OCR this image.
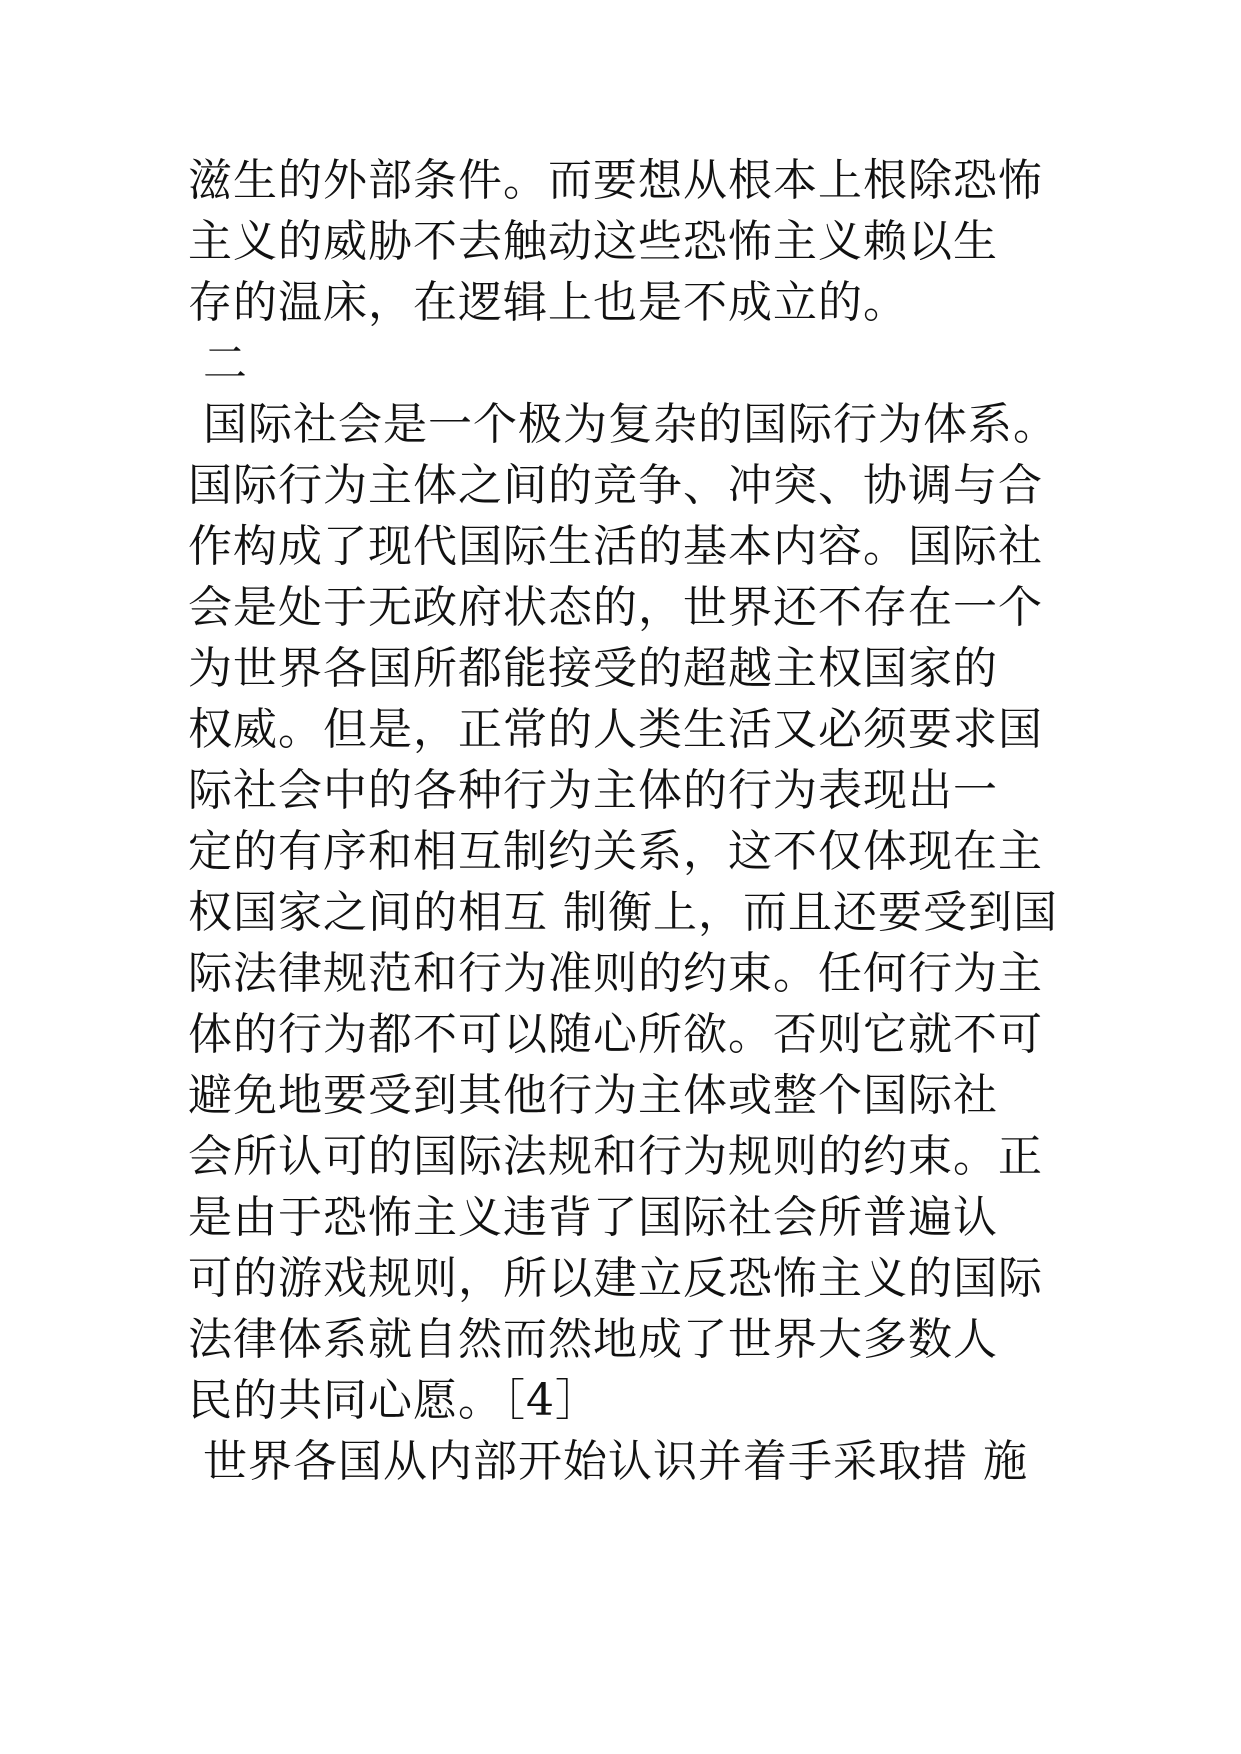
滋生的外部条件。而要想从根本上根除恐怖
主义的威胁不去触动这些恐怖主义赖以生
存的温床，在逻辑上也是不成立的。
二
国际社会是一个极为复杂的国际行为体系。
国际行为主体之间的竞争、冲突、协调与合
作构成了现代国际生活的基本内容。国际社
会是处于无政府状态的，世界还不存在一个
为世界各国所都能接受的超越主权国家的
权威。但是，正常的人类生活又必须要求国
际社会中的各种行为主体的行为表现出一
定的有序和相互制约关系，这不仅体现在主
权国家之间的相互 制衡上，而且还要受到国
际法律规范和行为准则的约束。任何行为主
体的行为都不可以随心所欲。否则它就不可
避免地要受到其他行为主体或整个国际社
会所认可的国际法规和行为规则的约束。正
是由于恐怖主义违背了国际社会所普遍认
可的游戏规则，所以建立反恐怖主义的国际
法律体系就自然而然地成了世界大多数人
民的共同心愿。［4］
世界各国从内部开始认识并着手采取措 施
